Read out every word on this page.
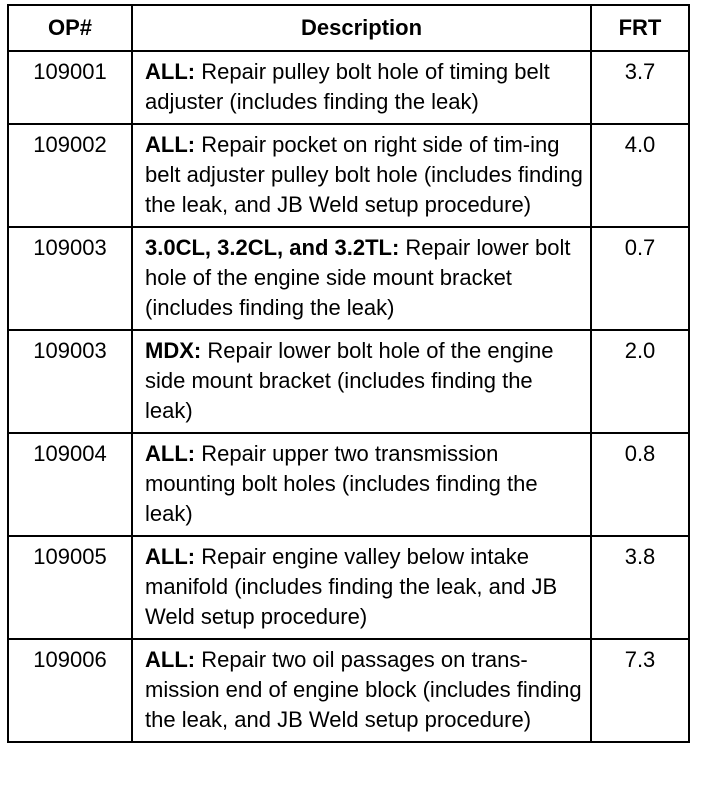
OP#	Description	FRT
109001	ALL: Repair pulley bolt hole of timing belt adjuster (includes finding the leak)	3.7
109002	ALL: Repair pocket on right side of tim-ing belt adjuster pulley bolt hole (includes finding the leak, and JB Weld setup procedure)	4.0
109003	3.0CL, 3.2CL, and 3.2TL: Repair lower bolt hole of the engine side mount bracket (includes finding the leak)	0.7
109003	MDX: Repair lower bolt hole of the engine side mount bracket (includes finding the leak)	2.0
109004	ALL: Repair upper two transmission mounting bolt holes (includes finding the leak)	0.8
109005	ALL: Repair engine valley below intake manifold (includes finding the leak, and JB Weld setup procedure)	3.8
109006	ALL: Repair two oil passages on trans-mission end of engine block (includes finding the leak, and JB Weld setup procedure)	7.3
